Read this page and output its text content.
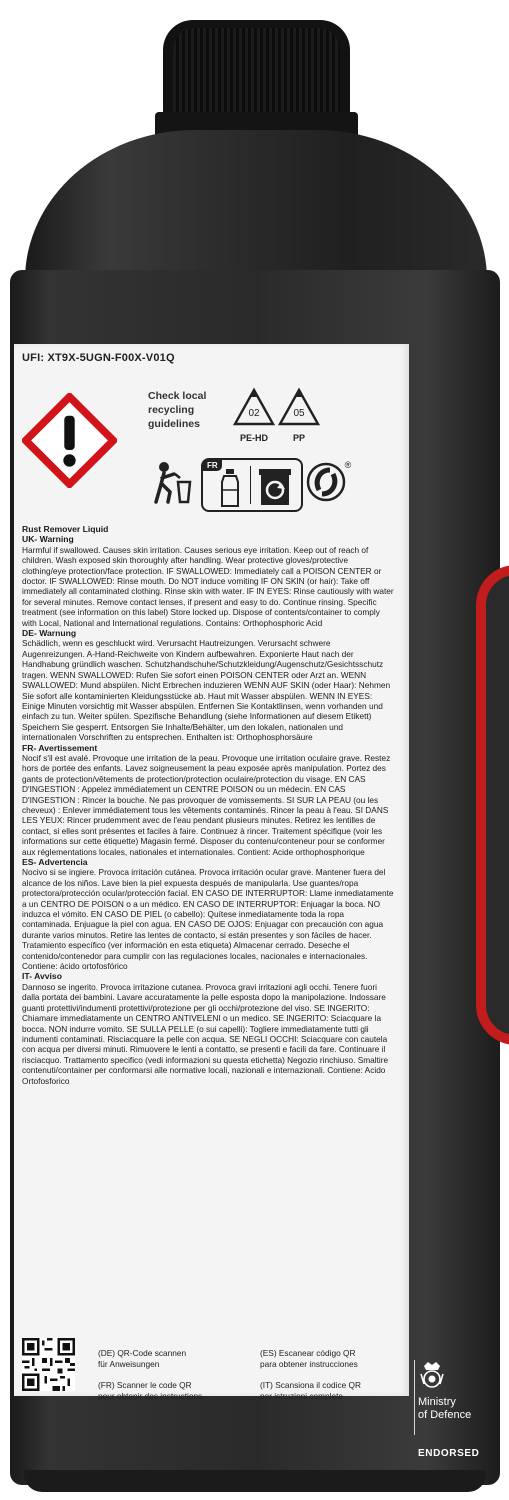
UFI: XT9X-5UGN-F00X-V01Q
Check local
recycling
guidelines
02
PE-HD
05
PP
FR	®
Rust Remover Liquid
UK- Warning

Harmful if swallowed. Causes skin irritation. Causes serious eye irritation. Keep out of reach of children. Wash exposed skin thoroughly after handling. Wear protective gloves/protective clothing/eye protection/face protection. IF SWALLOWED: Immediately call a POISON CENTER or doctor. IF SWALLOWED: Rinse mouth. Do NOT induce vomiting IF ON SKIN (or hair): Take off immediately all contaminated clothing. Rinse skin with water. IF IN EYES: Rinse cautiously with water for several minutes. Remove contact lenses, if present and easy to do. Continue rinsing. Specific treatment (see information on this label) Store locked up. Dispose of contents/container to comply with Local, National and International regulations. Contains: Orthophosphoric Acid

DE- Warnung

Schädlich, wenn es geschluckt wird. Verursacht Hautreizungen. Verursacht schwere Augenreizungen. A-Hand-Reichweite von Kindern aufbewahren. Exponierte Haut nach der Handhabung gründlich waschen. Schutzhandschuhe/Schutzkleidung/Augenschutz/Gesichtsschutz tragen. WENN SWALLOWED: Rufen Sie sofort einen POISON CENTER oder Arzt an. WENN SWALLOWED: Mund abspülen. Nicht Erbrechen induzieren WENN AUF SKIN (oder Haar): Nehmen Sie sofort alle kontaminierten Kleidungsstücke ab. Haut mit Wasser abspülen. WENN IN EYES: Einige Minuten vorsichtig mit Wasser abspülen. Entfernen Sie Kontaktlinsen, wenn vorhanden und einfach zu tun. Weiter spülen. Spezifische Behandlung (siehe Informationen auf diesem Etikett) Speichern Sie gesperrt. Entsorgen Sie Inhalte/Behälter, um den lokalen, nationalen und internationalen Vorschriften zu entsprechen. Enthalten ist: Orthophosphorsäure

FR- Avertissement

Nocif s'il est avalé. Provoque une irritation de la peau. Provoque une irritation oculaire grave. Restez hors de portée des enfants. Lavez soigneusement la peau exposée après manipulation. Portez des gants de protection/vêtements de protection/protection oculaire/protection du visage. EN CAS D'INGESTION : Appelez immédiatement un CENTRE POISON ou un médecin. EN CAS D'INGESTION : Rincer la bouche. Ne pas provoquer de vomissements. SI SUR LA PEAU (ou les cheveux) : Enlever immédiatement tous les vêtements contaminés. Rincer la peau à l'eau. SI DANS LES YEUX: Rincer prudemment avec de l'eau pendant plusieurs minutes. Retirez les lentilles de contact, si elles sont présentes et faciles à faire. Continuez à rincer. Traitement spécifique (voir les informations sur cette étiquette) Magasin fermé. Disposer du contenu/conteneur pour se conformer aux réglementations locales, nationales et internationales. Contient: Acide orthophosphorique

ES- Advertencia

Nocivo si se ingiere. Provoca irritación cutánea. Provoca irritación ocular grave. Mantener fuera del alcance de los niños. Lave bien la piel expuesta después de manipularla. Use guantes/ropa protectora/protección ocular/protección facial. EN CASO DE INTERRUPTOR: Llame inmediatamente a un CENTRO DE POISON o a un médico. EN CASO DE INTERRUPTOR: Enjuagar la boca. NO induzca el vómito. EN CASO DE PIEL (o cabello): Quítese inmediatamente toda la ropa contaminada. Enjuague la piel con agua. EN CASO DE OJOS: Enjuagar con precaución con agua durante varios minutos. Retire las lentes de contacto, si están presentes y son fáciles de hacer. Tratamiento específico (ver información en esta etiqueta) Almacenar cerrado. Deseche el contenido/contenedor para cumplir con las regulaciones locales, nacionales e internacionales. Contiene: ácido ortofosfórico

IT- Avviso

Dannoso se ingerito. Provoca irritazione cutanea. Provoca gravi irritazioni agli occhi. Tenere fuori dalla portata dei bambini. Lavare accuratamente la pelle esposta dopo la manipolazione. Indossare guanti protettivi/indumenti protettivi/protezione per gli occhi/protezione del viso. SE INGERITO: Chiamare immediatamente un CENTRO ANTIVELENI o un medico. SE INGERITO: Sciacquare la bocca. NON indurre vomito. SE SULLA PELLE (o sui capelli): Togliere immediatamente tutti gli indumenti contaminati. Risciacquare la pelle con acqua. SE NEGLI OCCHI: Sciacquare con cautela con acqua per diversi minuti. Rimuovere le lenti a contatto, se presenti e facili da fare. Continuare il risciacquo. Trattamento specifico (vedi informazioni su questa etichetta) Negozio rinchiuso. Smaltire contenuti/container per conformarsi alle normative locali, nazionali e internazionali. Contiene: Acido Ortofosforico

(DE) QR-Code scannen
für Anweisungen
(FR) Scanner le code QR
pour obtenir des instructions
(ES) Escanear código QR
para obtener instrucciones
(IT) Scansiona il codice QR
per istruzioni complete
Ministry
of Defence
ENDORSED
